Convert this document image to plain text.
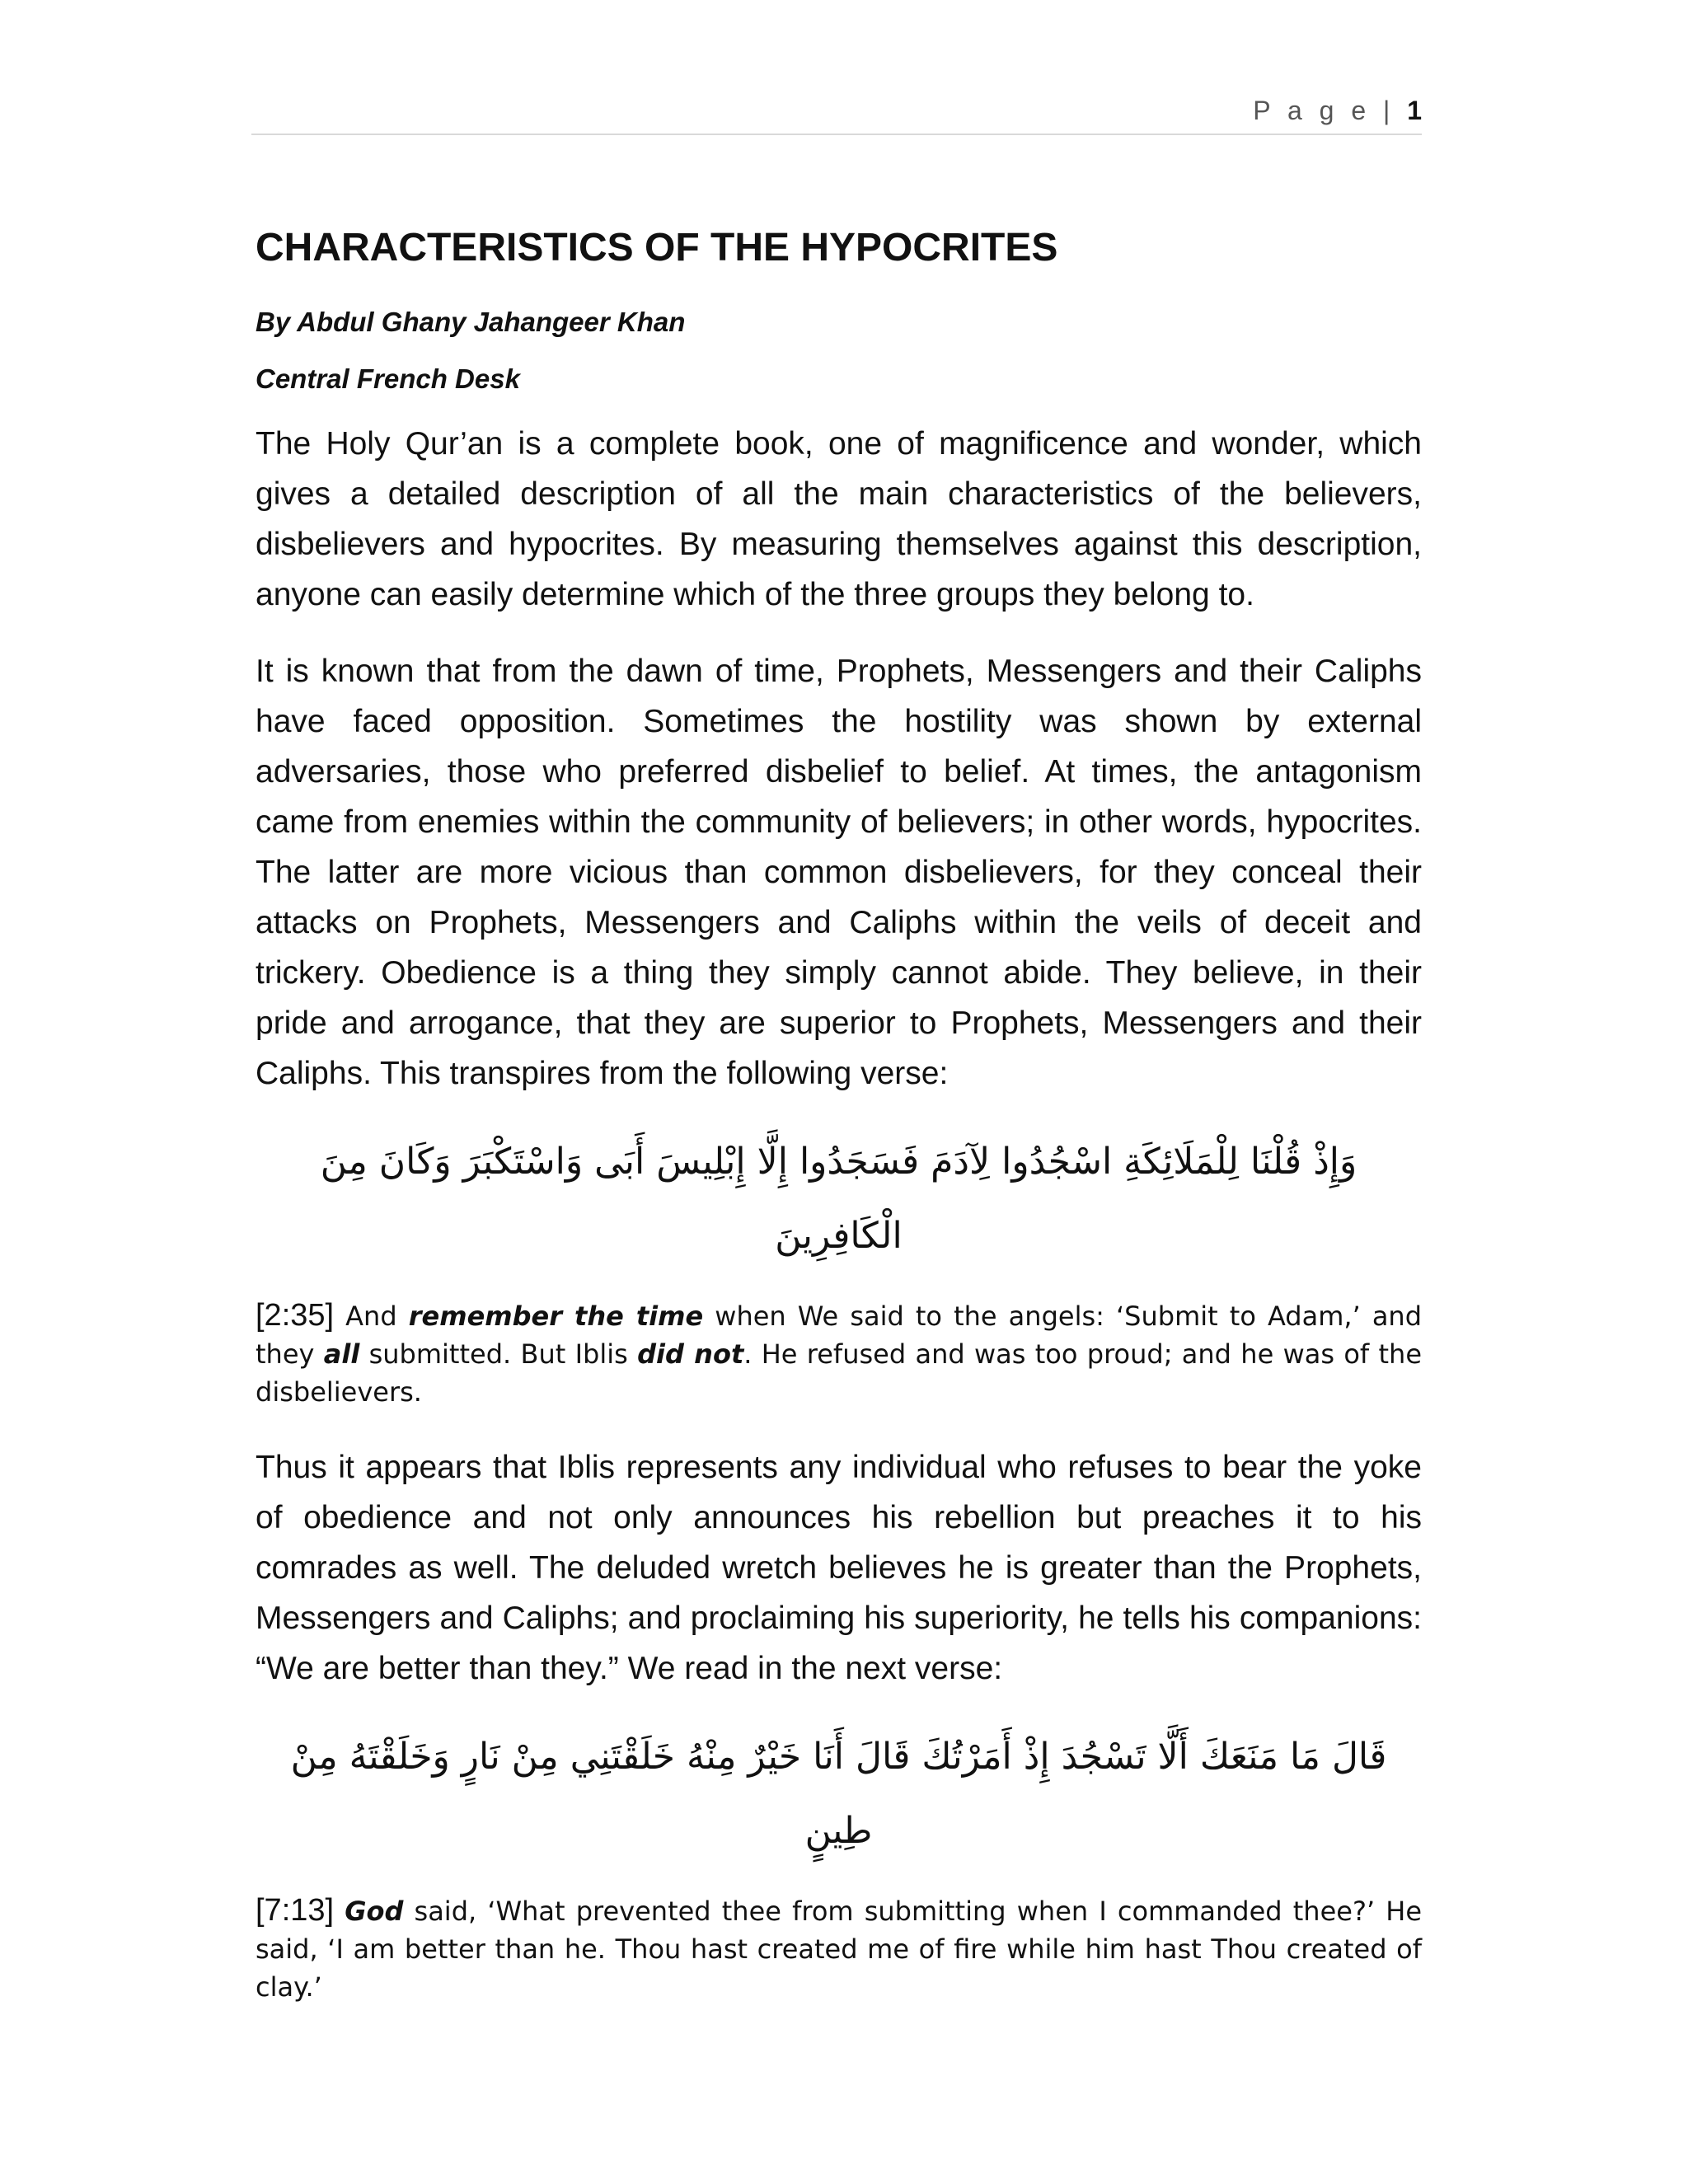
P a g e | 1
CHARACTERISTICS OF THE HYPOCRITES

By Abdul Ghany Jahangeer Khan

Central French Desk

The Holy Qur’an is a complete book, one of magnificence and wonder, which gives a detailed description of all the main characteristics of the believers, disbelievers and hypocrites. By measuring themselves against this description, anyone can easily determine which of the three groups they belong to.

It is known that from the dawn of time, Prophets, Messengers and their Caliphs have faced opposition. Sometimes the hostility was shown by external adversaries, those who preferred disbelief to belief. At times, the antagonism came from enemies within the community of believers; in other words, hypocrites. The latter are more vicious than common disbelievers, for they conceal their attacks on Prophets, Messengers and Caliphs within the veils of deceit and trickery. Obedience is a thing they simply cannot abide. They believe, in their pride and arrogance, that they are superior to Prophets, Messengers and their Caliphs. This transpires from the following verse:

وَإِذْ قُلْنَا لِلْمَلَائِكَةِ اسْجُدُوا لِآدَمَ فَسَجَدُوا إِلَّا إِبْلِيسَ أَبَى وَاسْتَكْبَرَ وَكَانَ مِنَ الْكَافِرِينَ

[2:35] And remember the time when We said to the angels: ‘Submit to Adam,’ and they all submitted. But Iblis did not. He refused and was too proud; and he was of the disbelievers.

Thus it appears that Iblis represents any individual who refuses to bear the yoke of obedience and not only announces his rebellion but preaches it to his comrades as well. The deluded wretch believes he is greater than the Prophets, Messengers and Caliphs; and proclaiming his superiority, he tells his companions: “We are better than they.” We read in the next verse:

قَالَ مَا مَنَعَكَ أَلَّا تَسْجُدَ إِذْ أَمَرْتُكَ قَالَ أَنَا خَيْرٌ مِنْهُ خَلَقْتَنِي مِنْ نَارٍ وَخَلَقْتَهُ مِنْ طِينٍ

[7:13] God said, ‘What prevented thee from submitting when I commanded thee?’ He said, ‘I am better than he. Thou hast created me of fire while him hast Thou created of clay.’
